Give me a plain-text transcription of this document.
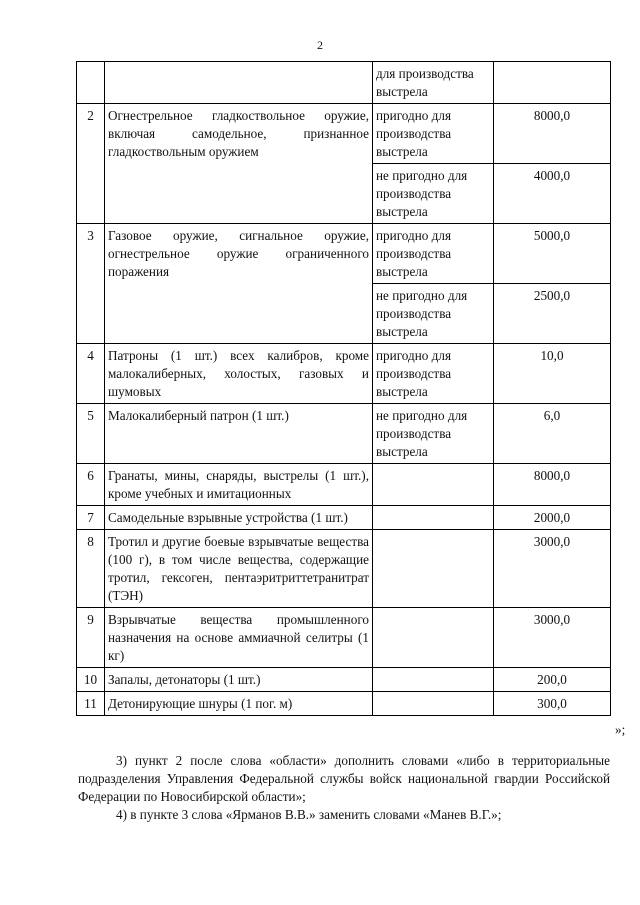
2
		для производства выстрела	
2	Огнестрельное гладкоствольное оружие, включая самодельное, признанное гладкоствольным оружием	пригодно для производства выстрела	8000,0
		не пригодно для производства выстрела	4000,0
3	Газовое оружие, сигнальное оружие, огнестрельное оружие ограниченного поражения	пригодно для производства выстрела	5000,0
		не пригодно для производства выстрела	2500,0
4	Патроны (1 шт.) всех калибров, кроме малокалиберных, холостых, газовых и шумовых	пригодно для производства выстрела	10,0
5	Малокалиберный патрон (1 шт.)	не пригодно для производства выстрела	6,0
6	Гранаты, мины, снаряды, выстрелы (1 шт.), кроме учебных и имитационных		8000,0
7	Самодельные взрывные устройства (1 шт.)		2000,0
8	Тротил и другие боевые взрывчатые вещества (100 г), в том числе вещества, содержащие тротил, гексоген, пентаэритриттетранитрат (ТЭН)		3000,0
9	Взрывчатые вещества промышленного назначения на основе аммиачной селитры (1 кг)		3000,0
10	Запалы, детонаторы (1 шт.)		200,0
11	Детонирующие шнуры (1 пог. м)		300,0
»;
3) пункт 2 после слова «области» дополнить словами «либо в территориальные подразделения Управления Федеральной службы войск национальной гвардии Российской Федерации по Новосибирской области»;
4) в пункте 3 слова «Ярманов В.В.» заменить словами «Манев В.Г.»;
